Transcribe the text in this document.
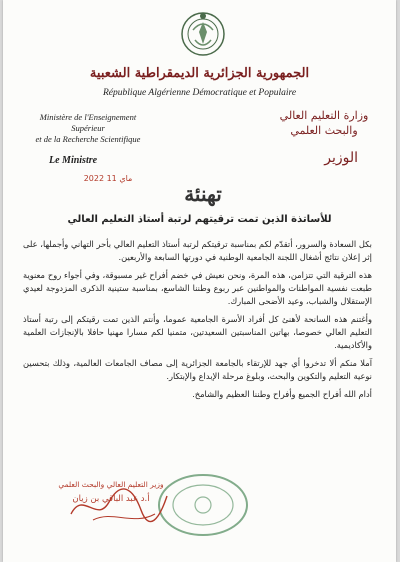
الجمهورية الجزائرية الديمقراطية الشعبية
République Algérienne Démocratique et Populaire
Ministère de l'Enseignement Supérieur
et de la Recherche Scientifique
وزارة التعليم العالي
والبحث العلمي
Le Ministre	الوزير
2022 11 ماي
تهنئة
للأساتذة الذين تمت ترقيتهم لرتبة أستاذ التعليم العالي

بكل السعادة والسرور، أتقدّم لكم بمناسبة ترقيتكم لرتبة أستاذ التعليم العالي بأحر التهاني وأجملها، على إثر إعلان نتائج أشغال اللجنة الجامعية الوطنية في دورتها السابعة والأربعين.

هذه الترقية التي تتزامن، هذه المرة، ونحن نعيش في خضم أفراح غير مسبوقة، وفي أجواء روح معنوية طبعت نفسية المواطنات والمواطنين عبر ربوع وطننا الشاسع، بمناسبة ستينية الذكرى المزدوجة لعيدي الإستقلال والشباب، وعيد الأضحى المبارك.

وأغتنم هذه السانحة لأهنئ كل أفراد الأسرة الجامعية عموما، وأنتم الذين تمت رقيتكم إلى رتبة أستاذ التعليم العالي خصوصا، بهاتين المناسبتين السعيدتين، متمنيا لكم مسارا مهنيا حافلا بالإنجازات العلمية والأكاديمية.

آملا منكم ألا تدخروا أي جهد للإرتقاء بالجامعة الجزائرية إلى مصاف الجامعات العالمية، وذلك بتحسين نوعية التعليم والتكوين والبحث، وبلوغ مرحلة الإبداع والإبتكار.

أدام الله أفراح الجميع وأفراح وطننا العظيم والشامخ.

وزير التعليم العالي والبحث العلمي
أ.د عبد الباقي بن زيان
